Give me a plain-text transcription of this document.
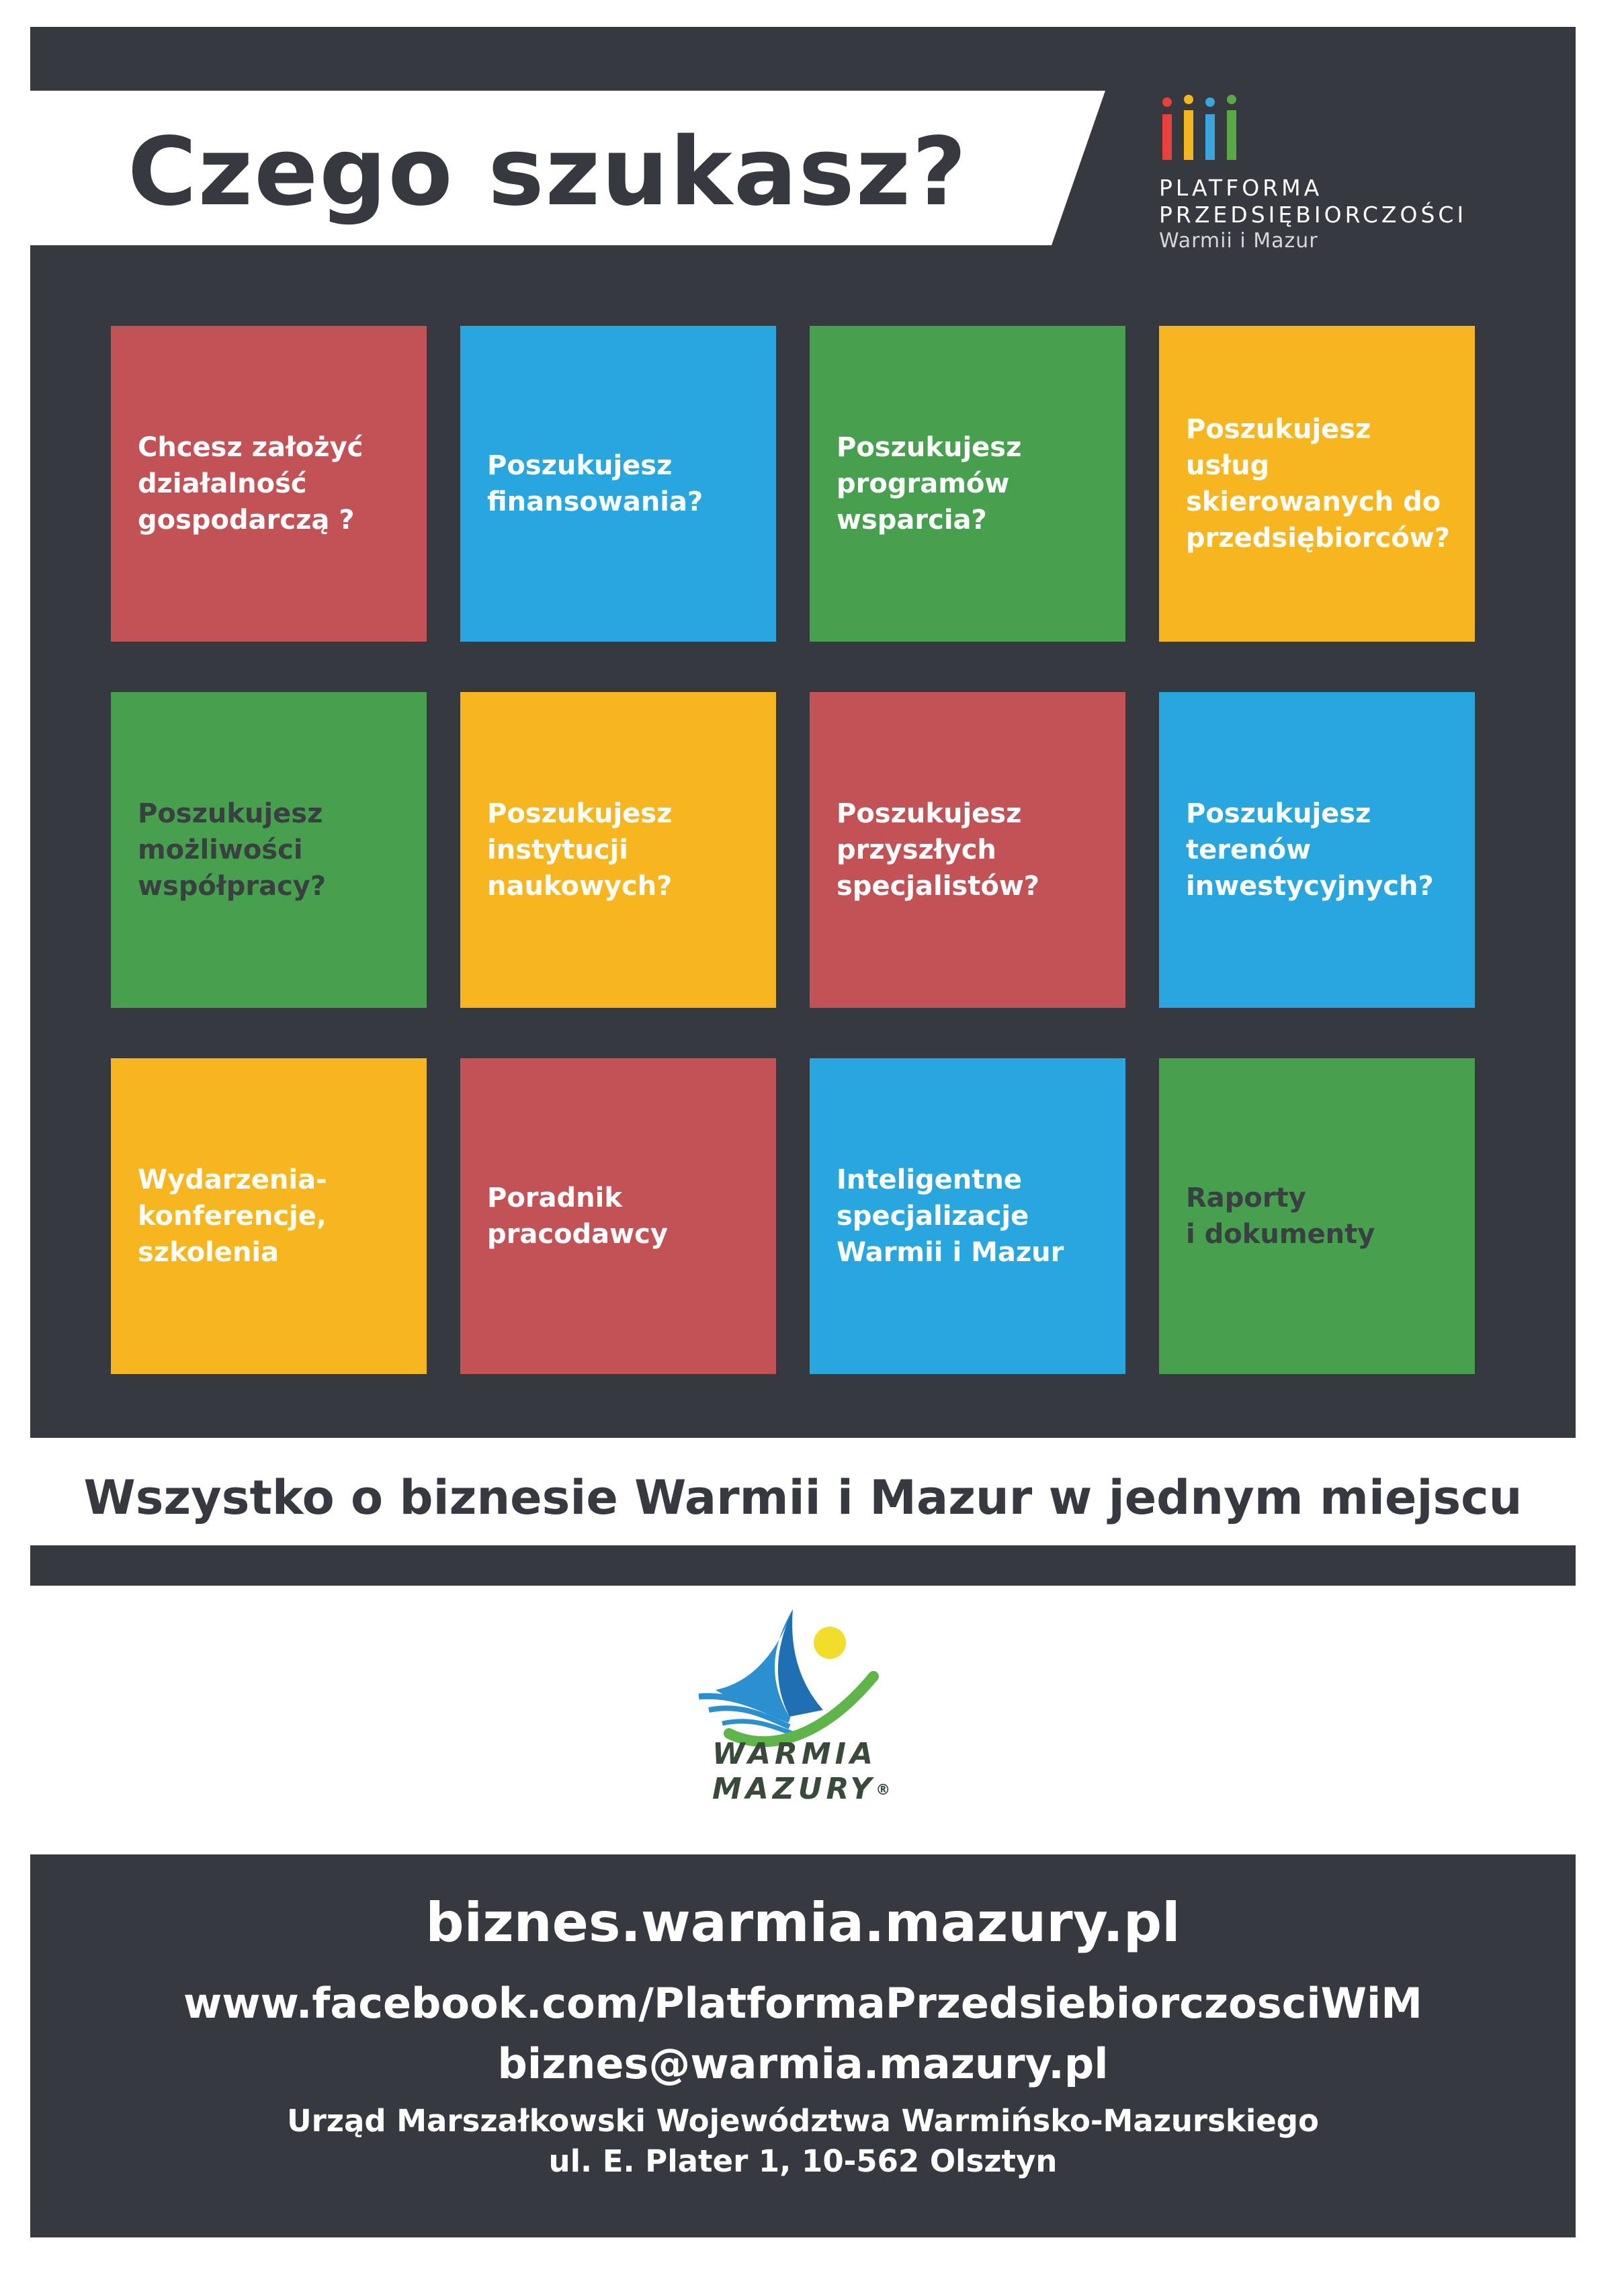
Czego szukasz?	PLATFORMA
PRZEDSIĘBIORCZOŚCI
Warmii i Mazur
Chcesz założyć
działalność
gospodarczą ?
Poszukujesz
finansowania?
Poszukujesz
programów
wsparcia?
Poszukujesz usług
skierowanych do
przedsiębiorców?
Poszukujesz
możliwości
współpracy?
Poszukujesz
instytucji
naukowych?
Poszukujesz
przyszłych
specjalistów?
Poszukujesz
terenów
inwestycyjnych?
Wydarzenia-
konferencje,
szkolenia
Poradnik
pracodawcy
Inteligentne
specjalizacje
Warmii i Mazur
Raporty
i dokumenty
Wszystko o biznesie Warmii i Mazur w jednym miejscu
WARMIA
MAZURY®
biznes.warmia.mazury.pl
www.facebook.com/PlatformaPrzedsiebiorczosciWiM
biznes@warmia.mazury.pl
Urząd Marszałkowski Województwa Warmińsko-Mazurskiego
ul. E. Plater 1, 10-562 Olsztyn
